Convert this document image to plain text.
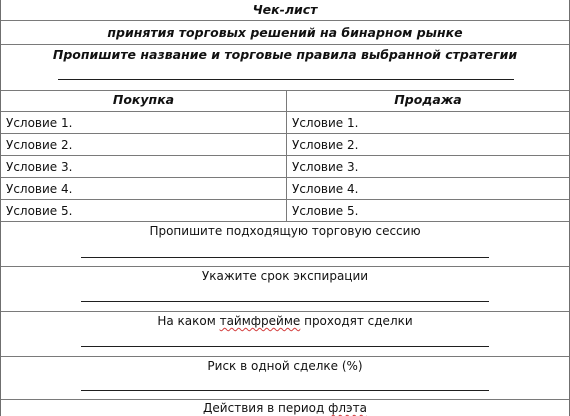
Чек-лист
принятия торговых решений на бинарном рынке
Пропишите название и торговые правила выбранной стратегии
Покупка	Продажа
Условие 1.	Условие 1.
Условие 2.	Условие 2.
Условие 3.	Условие 3.
Условие 4.	Условие 4.
Условие 5.	Условие 5.
Пропишите подходящую торговую сессию
Укажите срок экспирации
На каком таймфрейме проходят сделки
Риск в одной сделке (%)
Действия в период флэта
